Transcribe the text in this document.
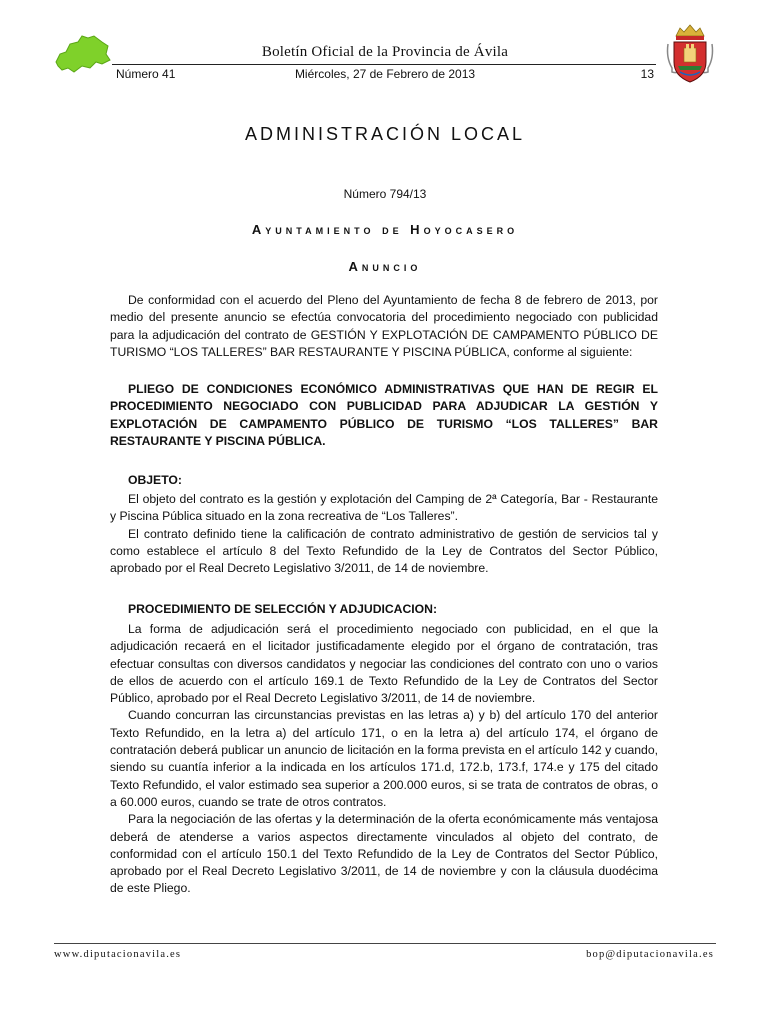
Boletín Oficial de la Provincia de Ávila
Número 41	Miércoles, 27 de Febrero de 2013	13
ADMINISTRACIÓN LOCAL
Número 794/13
Ayuntamiento de Hoyocasero
Anuncio

De conformidad con el acuerdo del Pleno del Ayuntamiento de fecha 8 de febrero de 2013, por medio del presente anuncio se efectúa convocatoria del procedimiento negociado con publicidad para la adjudicación del contrato de GESTIÓN Y EXPLOTACIÓN DE CAMPAMENTO PÚBLICO DE TURISMO “LOS TALLERES” BAR RESTAURANTE Y PISCINA PÚBLICA, conforme al siguiente:

PLIEGO DE CONDICIONES ECONÓMICO ADMINISTRATIVAS QUE HAN DE REGIR EL PROCEDIMIENTO NEGOCIADO CON PUBLICIDAD PARA ADJUDICAR LA GESTIÓN Y EXPLOTACIÓN DE CAMPAMENTO PÚBLICO DE TURISMO “LOS TALLERES” BAR RESTAURANTE Y PISCINA PÚBLICA.
OBJETO:

El objeto del contrato es la gestión y explotación del Camping de 2ª Categoría, Bar - Restaurante y Piscina Pública situado en la zona recreativa de “Los Talleres”.

El contrato definido tiene la calificación de contrato administrativo de gestión de servicios tal y como establece el artículo 8 del Texto Refundido de la Ley de Contratos del Sector Público, aprobado por el Real Decreto Legislativo 3/2011, de 14 de noviembre.

PROCEDIMIENTO DE SELECCIÓN Y ADJUDICACION:

La forma de adjudicación será el procedimiento negociado con publicidad, en el que la adjudicación recaerá en el licitador justificadamente elegido por el órgano de contratación, tras efectuar consultas con diversos candidatos y negociar las condiciones del contrato con uno o varios de ellos de acuerdo con el artículo 169.1 de Texto Refundido de la Ley de Contratos del Sector Público, aprobado por el Real Decreto Legislativo 3/2011, de 14 de noviembre.

Cuando concurran las circunstancias previstas en las letras a) y b) del artículo 170 del anterior Texto Refundido, en la letra a) del artículo 171, o en la letra a) del artículo 174, el órgano de contratación deberá publicar un anuncio de licitación en la forma prevista en el artículo 142 y cuando, siendo su cuantía inferior a la indicada en los artículos 171.d, 172.b, 173.f, 174.e y 175 del citado Texto Refundido, el valor estimado sea superior a 200.000 euros, si se trata de contratos de obras, o a 60.000 euros, cuando se trate de otros contratos.

Para la negociación de las ofertas y la determinación de la oferta económicamente más ventajosa deberá de atenderse a varios aspectos directamente vinculados al objeto del contrato, de conformidad con el artículo 150.1 del Texto Refundido de la Ley de Contratos del Sector Público, aprobado por el Real Decreto Legislativo 3/2011, de 14 de noviembre y con la cláusula duodécima de este Pliego.

www.diputacionavila.es	bop@diputacionavila.es
